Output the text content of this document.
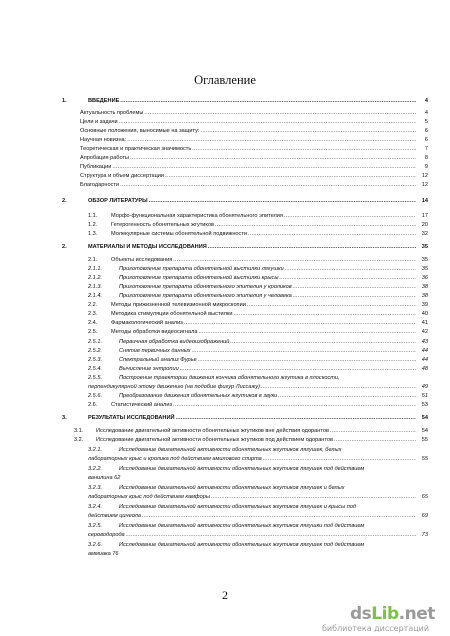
Оглавление
1.	ВВЕДЕНИЕ .....	4
Актуальность проблемы .....	4
Цели и задачи .....	5
Основные положения, выносимые на защиту: .....	6
Научная новизна: .....	6
Теоретическая и практическая значимость .....	7
Апробация работы .....	8
Публикации .....	9
Структура и объем диссертации .....	12
Благодарности .....	12
2.	ОБЗОР ЛИТЕРАТУРЫ .....	14
1.1. Морфо-функциональная характеристика обонятельного эпителия .....	17
1.2. Гетерогенность обонятельных жгутиков .....	20
1.3. Молекулярные системы обонятельной подвижности .....	32
2.	МАТЕРИАЛЫ И МЕТОДЫ ИССЛЕДОВАНИЯ .....	35
2.1. Объекты исследования .....	35
2.1.1.	Приготовление препарата обонятельной выстилки лягушки .....	35
2.1.2.	Приготовление препарата обонятельной выстилки крысы .....	36
2.1.3.	Приготовление препарата обонятельного эпителия у кроликов .....	38
2.1.4.	Приготовление препарата обонятельного эпителия у человека .....	38
2.2. Методы прижизненной телевизионной микроскопии .....	39
2.3. Методика стимуляции обонятельной выстилки .....	40
2.4. Фармакологический анализ .....	41
2.5. Методы обработки видеосигнала .....	42
2.5.1.	Первичная обработка видеоизображений .....	43
2.5.2.	Снятие первичных данных .....	44
2.5.3.	Спектральный анализ Фурье .....	44
2.5.4.	Вычисление энтропии .....	48
2.5.5.	Построение траектории движения кончика обонятельного жгутика в плоскости,
перпендикулярной этому движению (на подобие фигур Лиссажу) .....	49
2.5.6.	Преобразование движения обонятельных жгутиков в звуки .....	51
2.6. Статистический анализ .....	53
3.	РЕЗУЛЬТАТЫ ИССЛЕДОВАНИЙ .....	54
3.1. Исследование двигательной активности обонятельных жгутиков вне действия одорантов .....	54
3.2. Исследование двигательной активности обонятельных жгутиков под действием одорантов .....	55
3.2.1.	Исследование двигательной активности обонятельных жгутиков лягушек, белых
лабораторных крыс и кролика под действием амилового спирта .....	55
3.2.2.	Исследование двигательной активности обонятельных жгутиков лягушек под действием
ванилина 62
3.2.3.	Исследование двигательной активности обонятельных жгутиков лягушек и белых
лабораторных крыс под действием камфоры .....	65
3.2.4.	Исследование двигательной активности обонятельных жгутиков лягушек и крысы под
действием цинеола .....	69
3.2.5.	Исследование двигательной активности обонятельных жгутиков лягушки под действием
сероводорода .....	73
3.2.6.	Исследование двигательной активности обонятельных жгутиков лягушек под действием
аммиака 76
2
dsLib.net
библиотека диссертаций
